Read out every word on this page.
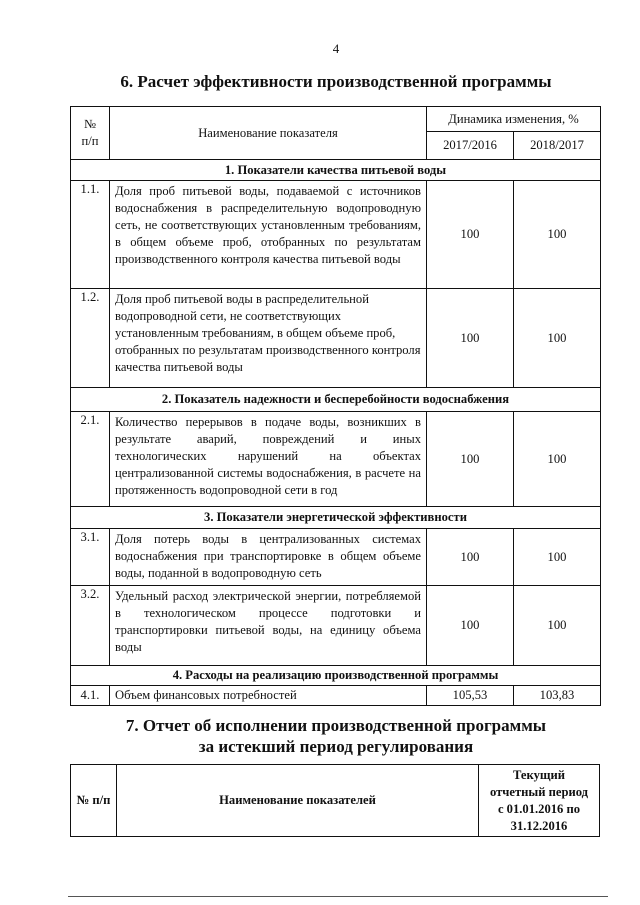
4
6. Расчет эффективности производственной программы
№
п/п	Наименование показателя	Динамика изменения, %	
		2017/2016	2018/2017
1. Показатели качества питьевой воды			
1.1.	Доля проб питьевой воды, подаваемой с источников водоснабжения в распределительную водопроводную сеть, не соответствующих установленным требованиям, в общем объеме проб, отобранных по результатам производственного контроля качества питьевой воды	100	100
1.2.	Доля проб питьевой воды в распределительной водопроводной сети, не соответствующих установленным требованиям, в общем объеме проб, отобранных по результатам производственного контроля качества питьевой воды	100	100
2. Показатель надежности и бесперебойности водоснабжения			
2.1.	Количество перерывов в подаче воды, возникших в результате аварий, повреждений и иных технологических нарушений на объектах централизованной системы водоснабжения, в расчете на протяженность водопроводной сети в год	100	100
3. Показатели энергетической эффективности			
3.1.	Доля потерь воды в централизованных системах водоснабжения при транспортировке в общем объеме воды, поданной в водопроводную сеть	100	100
3.2.	Удельный расход электрической энергии, потребляемой в технологическом процессе подготовки и транспортировки питьевой воды, на единицу объема воды	100	100
4. Расходы на реализацию производственной программы			
4.1.	Объем финансовых потребностей	105,53	103,83
7. Отчет об исполнении производственной программы
за истекший период регулирования
№ п/п	Наименование показателей	Текущий отчетный период с 01.01.2016 по 31.12.2016
